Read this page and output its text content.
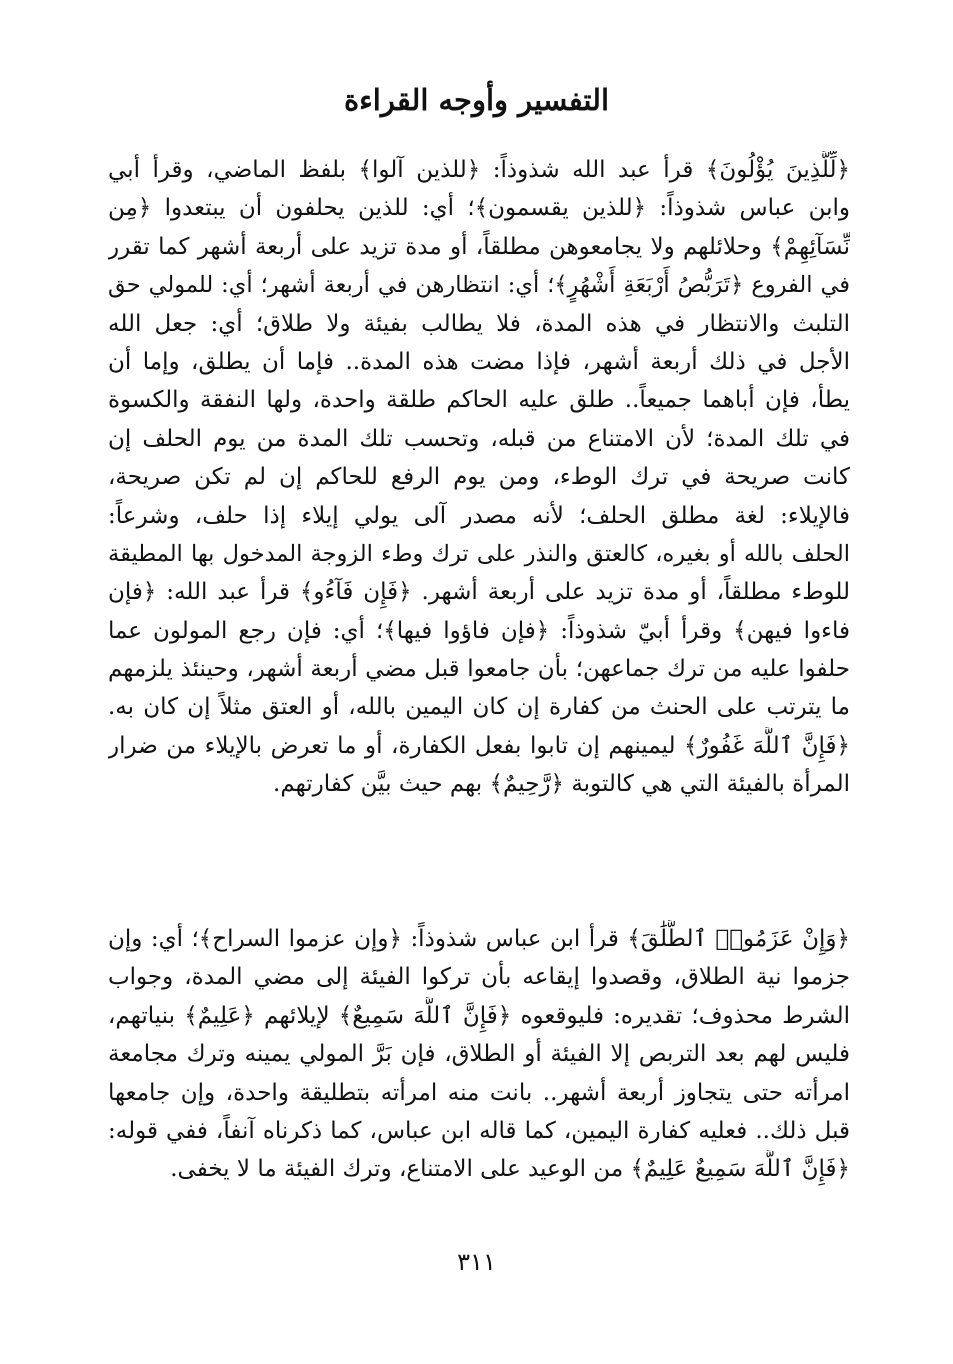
التفسير وأوجه القراءة
﴿لِّلَّذِينَ يُؤْلُونَ﴾ قرأ عبد الله شذوذاً: ﴿للذين آلوا﴾ بلفظ الماضي، وقرأ أبي
وابن عباس شذوذاً: ﴿للذين يقسمون﴾؛ أي: للذين يحلفون أن يبتعدوا ﴿مِن
نِّسَآئِهِمْ﴾ وحلائلهم ولا يجامعوهن مطلقاً، أو مدة تزيد على أربعة أشهر كما تقرر
في الفروع ﴿تَرَبُّصُ أَرْبَعَةِ أَشْهُرٍ﴾؛ أي: انتظارهن في أربعة أشهر؛ أي: للمولي حق
التلبث والانتظار في هذه المدة، فلا يطالب بفيئة ولا طلاق؛ أي: جعل الله
الأجل في ذلك أربعة أشهر، فإذا مضت هذه المدة.. فإما أن يطلق، وإما أن
يطأ، فإن أباهما جميعاً.. طلق عليه الحاكم طلقة واحدة، ولها النفقة والكسوة
في تلك المدة؛ لأن الامتناع من قبله، وتحسب تلك المدة من يوم الحلف إن
كانت صريحة في ترك الوطء، ومن يوم الرفع للحاكم إن لم تكن صريحة،
فالإيلاء: لغة مطلق الحلف؛ لأنه مصدر آلى يولي إيلاء إذا حلف، وشرعاً:
الحلف بالله أو بغيره، كالعتق والنذر على ترك وطء الزوجة المدخول بها المطيقة
للوطء مطلقاً، أو مدة تزيد على أربعة أشهر. ﴿فَإِن فَآءُو﴾ قرأ عبد الله: ﴿فإن
فاءوا فيهن﴾ وقرأ أبيّ شذوذاً: ﴿فإن فاؤوا فيها﴾؛ أي: فإن رجع المولون عما
حلفوا عليه من ترك جماعهن؛ بأن جامعوا قبل مضي أربعة أشهر، وحينئذ يلزمهم
ما يترتب على الحنث من كفارة إن كان اليمين بالله، أو العتق مثلاً إن كان به.
﴿فَإِنَّ ٱللَّهَ غَفُورٌ﴾ ليمينهم إن تابوا بفعل الكفارة، أو ما تعرض بالإيلاء من ضرار
المرأة بالفيئة التي هي كالتوبة ﴿رَّحِيمٌ﴾ بهم حيث بيَّن كفارتهم.
﴿وَإِنْ عَزَمُوا۟ ٱلطَّلَٰقَ﴾ قرأ ابن عباس شذوذاً: ﴿وإن عزموا السراح﴾؛ أي: وإن
جزموا نية الطلاق، وقصدوا إيقاعه بأن تركوا الفيئة إلى مضي المدة، وجواب
الشرط محذوف؛ تقديره: فليوقعوه ﴿فَإِنَّ ٱللَّهَ سَمِيعٌ﴾ لإيلائهم ﴿عَلِيمٌ﴾ بنياتهم،
فليس لهم بعد التربص إلا الفيئة أو الطلاق، فإن بَرَّ المولي يمينه وترك مجامعة
امرأته حتى يتجاوز أربعة أشهر.. بانت منه امرأته بتطليقة واحدة، وإن جامعها
قبل ذلك.. فعليه كفارة اليمين، كما قاله ابن عباس، كما ذكرناه آنفاً، ففي قوله:
﴿فَإِنَّ ٱللَّهَ سَمِيعٌ عَلِيمٌ﴾ من الوعيد على الامتناع، وترك الفيئة ما لا يخفى.
٣١١
